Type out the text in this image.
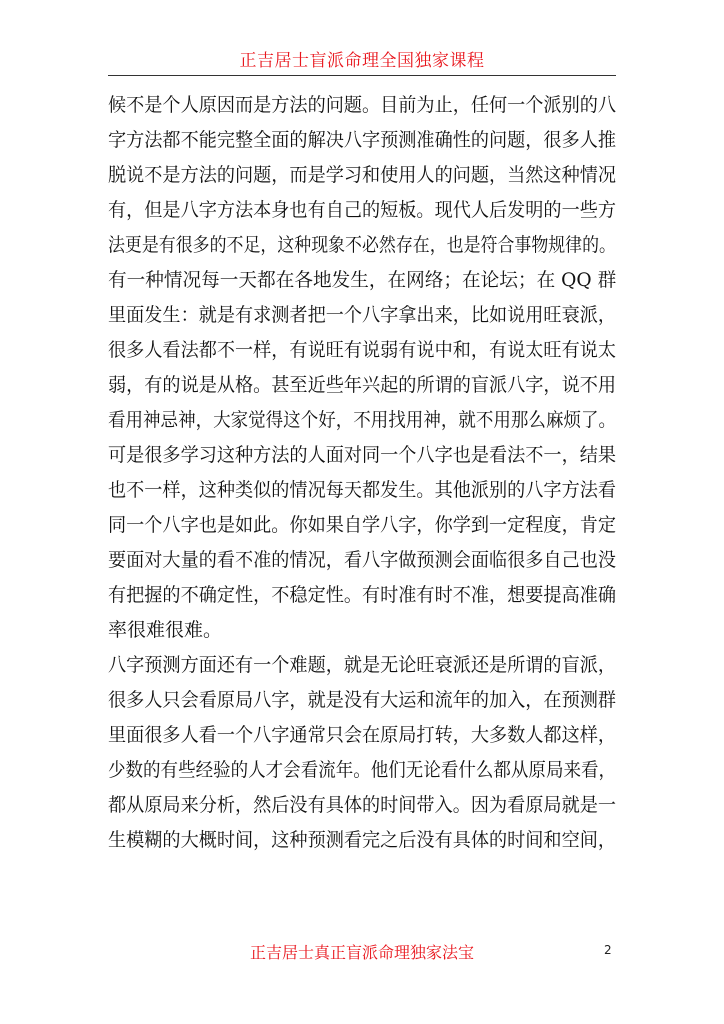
正吉居士盲派命理全国独家课程
候不是个人原因而是方法的问题。目前为止，任何一个派别的八
字方法都不能完整全面的解决八字预测准确性的问题，很多人推
脱说不是方法的问题，而是学习和使用人的问题，当然这种情况
有，但是八字方法本身也有自己的短板。现代人后发明的一些方
法更是有很多的不足，这种现象不必然存在，也是符合事物规律的。
有一种情况每一天都在各地发生，在网络；在论坛；在 QQ 群
里面发生：就是有求测者把一个八字拿出来，比如说用旺衰派，
很多人看法都不一样，有说旺有说弱有说中和，有说太旺有说太
弱，有的说是从格。甚至近些年兴起的所谓的盲派八字，说不用
看用神忌神，大家觉得这个好，不用找用神，就不用那么麻烦了。
可是很多学习这种方法的人面对同一个八字也是看法不一，结果
也不一样，这种类似的情况每天都发生。其他派别的八字方法看
同一个八字也是如此。你如果自学八字，你学到一定程度，肯定
要面对大量的看不准的情况，看八字做预测会面临很多自己也没
有把握的不确定性，不稳定性。有时准有时不准，想要提高准确
率很难很难。
八字预测方面还有一个难题，就是无论旺衰派还是所谓的盲派，
很多人只会看原局八字，就是没有大运和流年的加入，在预测群
里面很多人看一个八字通常只会在原局打转，大多数人都这样，
少数的有些经验的人才会看流年。他们无论看什么都从原局来看，
都从原局来分析，然后没有具体的时间带入。因为看原局就是一
生模糊的大概时间，这种预测看完之后没有具体的时间和空间，
正吉居士真正盲派命理独家法宝	2
